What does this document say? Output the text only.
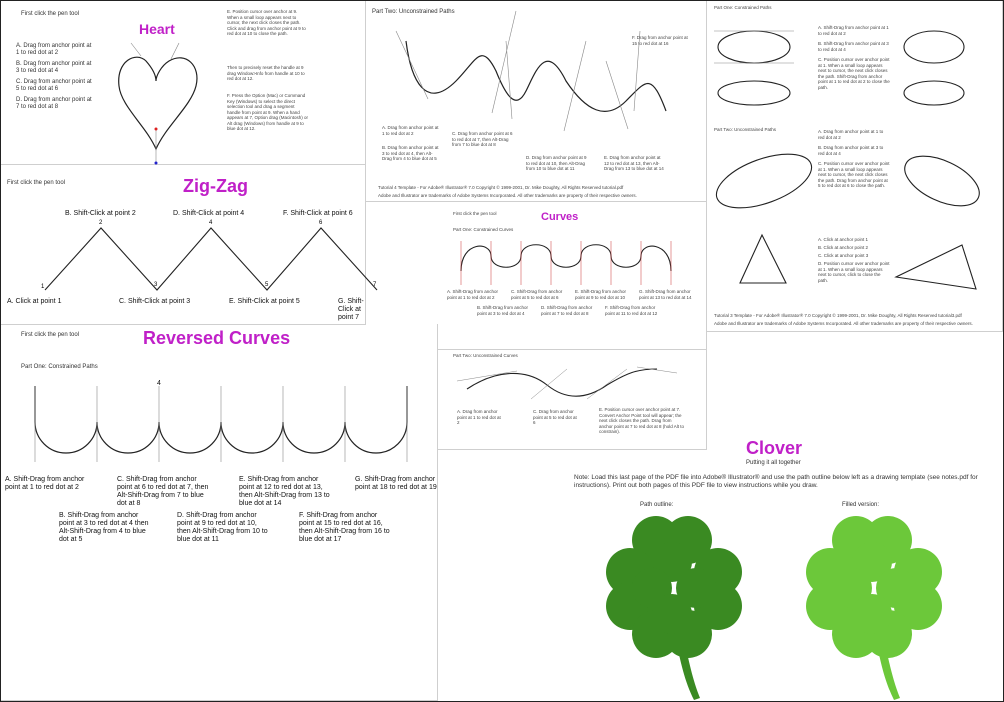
First click the pen tool
Heart
A. Drag from anchor point at 1 to red dot at 2
B. Drag from anchor point at 3 to red dot at 4
C. Drag from anchor point at 5 to red dot at 6
D. Drag from anchor point at 7 to red dot at 8
E. Position cursor over anchor at 9. When a small loop appears next to cursor, the next click closes the path. Click and drag from anchor point at 9 to red dot at 10 to close the path.
Then to precisely reset the handle at 9 drag Window>Info from handle at 10 to red dot at 12.
F. Press the Option (Mac) or Command Key (Windows) to select the direct selection tool and drag a segment handle from point at 9. When a hand appears at 7, Option drag (Macintosh) or Alt drag (Windows) from handle at 9 to blue dot at 12.
First click the pen tool	Zig-Zag
B. Shift-Click at point 2	D. Shift-Click at point 4	F. Shift-Click at point 6
A. Click at point 1	C. Shift-Click at point 3	E. Shift-Click at point 5	G. Shift-Click at point 7
1
2
3
4
5
6
7
First click the pen tool	Reversed Curves
Part One: Constrained Paths
4
A. Shift-Drag from anchor point at 1 to red dot at 2
C. Shift-Drag from anchor point at 6 to red dot at 7, then Alt-Shift-Drag from 7 to blue dot at 8
E. Shift-Drag from anchor point at 12 to red dot at 13, then Alt-Shift-Drag from 13 to blue dot at 14
G. Shift-Drag from anchor point at 18 to red dot at 19
B. Shift-Drag from anchor point at 3 to red dot at 4 then Alt-Shift-Drag from 4 to blue dot at 5
D. Shift-Drag from anchor point at 9 to red dot at 10, then Alt-Shift-Drag from 10 to blue dot at 11
F. Shift-Drag from anchor point at 15 to red dot at 16, then Alt-Shift-Drag from 16 to blue dot at 17
Part Two: Unconstrained Paths
A. Drag from anchor point at 1 to red dot at 2
B. Drag from anchor point at 3 to red dot at 4, then Alt-Drag from 4 to blue dot at 5
C. Drag from anchor point at 6 to red dot at 7, then Alt-Drag from 7 to blue dot at 8
D. Drag from anchor point at 9 to red dot at 10, then Alt-Drag from 10 to blue dot at 11
E. Drag from anchor point at 12 to red dot at 13, then Alt-Drag from 13 to blue dot at 14
F. Drag from anchor point at 15 to red dot at 16
Tutorial 4 Template - For Adobe® Illustrator® 7.0 Copyright © 1999-2001, Dr. Mike Doughty, All Rights Reserved tutorial.pdf
Adobe and Illustrator are trademarks of Adobe Systems Incorporated. All other trademarks are property of their respective owners.
Part One: Constrained Paths
A. Shift-Drag from anchor point at 1 to red dot at 2
B. Shift-Drag from anchor point at 3 to red dot at 4
C. Position cursor over anchor point at 1. When a small loop appears next to cursor, the next click closes the path. Shift-Drag from anchor point at 1 to red dot at 2 to close the path.
Part Two: Unconstrained Paths	A. Drag from anchor point at 1 to red dot at 2
B. Drag from anchor point at 3 to red dot at 4
C. Position cursor over anchor point at 1. When a small loop appears next to cursor, the next click closes the path. Drag from anchor point at 5 to red dot at 6 to close the path.
A. Click at anchor point 1
B. Click at anchor point 2
C. Click at anchor point 3
D. Position cursor over anchor point at 1. When a small loop appears next to cursor, click to close the path.
Tutorial 3 Template - For Adobe® Illustrator® 7.0 Copyright © 1999-2001, Dr. Mike Doughty, All Rights Reserved tutorial3.pdf
Adobe and Illustrator are trademarks of Adobe Systems Incorporated. All other trademarks are property of their respective owners.
First click the pen tool	Curves
Part One: Constrained Curves
A. Shift-Drag from anchor point at 1 to red dot at 2
C. Shift-Drag from anchor point at 5 to red dot at 6
E. Shift-Drag from anchor point at 9 to red dot at 10
G. Shift-Drag from anchor point at 13 to red dot at 14
B. Shift-Drag from anchor point at 3 to red dot at 4
D. Shift-Drag from anchor point at 7 to red dot at 8
F. Shift-Drag from anchor point at 11 to red dot at 12
Part Two: Unconstrained Curves
A. Drag from anchor point at 1 to red dot at 2
C. Drag from anchor point at 5 to red dot at 6
E. Position cursor over anchor point at 7. Convert Anchor Point tool will appear; the next click closes the path. Drag from anchor point at 7 to red dot at 8 (hold Alt to constrain).
Clover
Putting it all together
Note: Load this last page of the PDF file into Adobe® Illustrator® and use the path outline below left as a drawing template (see notes.pdf for instructions). Print out both pages of this PDF file to view instructions while you draw.
Path outline:	Filled version:
